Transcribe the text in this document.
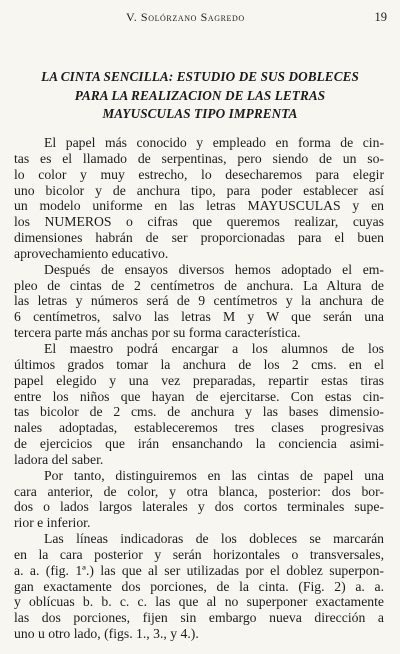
V. Solórzano Sagredo	19
LA CINTA SENCILLA: ESTUDIO DE SUS DOBLECES
PARA LA REALIZACION DE LAS LETRAS
MAYUSCULAS TIPO IMPRENTA
El papel más conocido y empleado en forma de cin-
tas es el llamado de serpentinas, pero siendo de un so-
lo color y muy estrecho, lo desecharemos para elegir
uno bicolor y de anchura tipo, para poder establecer así
un modelo uniforme en las letras MAYUSCULAS y en
los NUMEROS o cifras que queremos realizar, cuyas
dimensiones habrán de ser proporcionadas para el buen
aprovechamiento educativo.
Después de ensayos diversos hemos adoptado el em-
pleo de cintas de 2 centímetros de anchura. La Altura de
las letras y números será de 9 centímetros y la anchura de
6 centímetros, salvo las letras M y W que serán una
tercera parte más anchas por su forma característica.
El maestro podrá encargar a los alumnos de los
últimos grados tomar la anchura de los 2 cms. en el
papel elegido y una vez preparadas, repartir estas tiras
entre los niños que hayan de ejercitarse. Con estas cin-
tas bicolor de 2 cms. de anchura y las bases dimensio-
nales adoptadas, estableceremos tres clases progresivas
de ejercicios que irán ensanchando la conciencia asimi-
ladora del saber.
Por tanto, distinguiremos en las cintas de papel una
cara anterior, de color, y otra blanca, posterior: dos bor-
dos o lados largos laterales y dos cortos terminales supe-
rior e inferior.
Las líneas indicadoras de los dobleces se marcarán
en la cara posterior y serán horizontales o transversales,
a. a. (fig. 1ª.) las que al ser utilizadas por el doblez superpon-
gan exactamente dos porciones, de la cinta. (Fig. 2) a. a.
y oblícuas b. b. c. c. las que al no superponer exactamente
las dos porciones, fijen sin embargo nueva dirección a
uno u otro lado, (figs. 1., 3., y 4.).
